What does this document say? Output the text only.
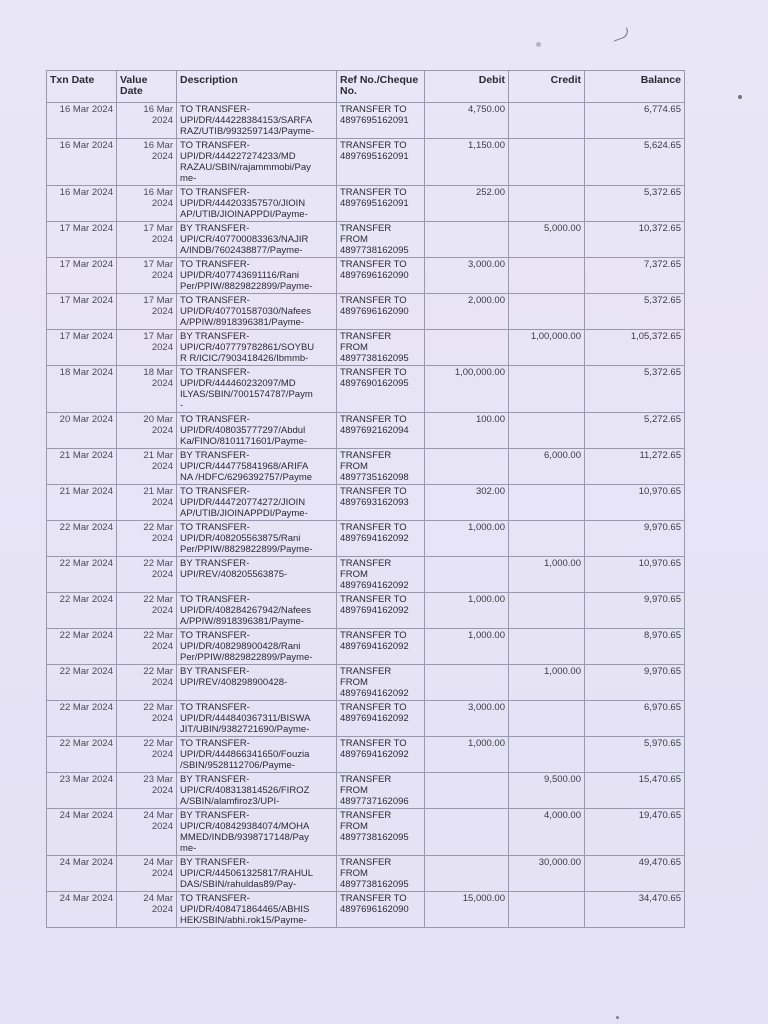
Txn Date	Value Date	Description	Ref No./Cheque No.	Debit	Credit	Balance
16 Mar 2024	16 Mar 2024	TO TRANSFER-
UPI/DR/444228384153/SARFA
RAZ/UTIB/9932597143/Payme-	TRANSFER TO
4897695162091	4,750.00		6,774.65
16 Mar 2024	16 Mar 2024	TO TRANSFER-
UPI/DR/444227274233/MD
RAZAU/SBIN/rajammmobi/Pay
me-	TRANSFER TO
4897695162091	1,150.00		5,624.65
16 Mar 2024	16 Mar 2024	TO TRANSFER-
UPI/DR/444203357570/JIOIN
AP/UTIB/JIOINAPPDI/Payme-	TRANSFER TO
4897695162091	252.00		5,372.65
17 Mar 2024	17 Mar 2024	BY TRANSFER-
UPI/CR/407700083363/NAJIR
A/INDB/7602438877/Payme-	TRANSFER
FROM
4897738162095		5,000.00	10,372.65
17 Mar 2024	17 Mar 2024	TO TRANSFER-
UPI/DR/407743691116/Rani
Per/PPIW/8829822899/Payme-	TRANSFER TO
4897696162090	3,000.00		7,372.65
17 Mar 2024	17 Mar 2024	TO TRANSFER-
UPI/DR/407701587030/Nafees
A/PPIW/8918396381/Payme-	TRANSFER TO
4897696162090	2,000.00		5,372.65
17 Mar 2024	17 Mar 2024	BY TRANSFER-
UPI/CR/407779782861/SOYBU
R R/ICIC/7903418426/Ibmmb-	TRANSFER
FROM
4897738162095		1,00,000.00	1,05,372.65
18 Mar 2024	18 Mar 2024	TO TRANSFER-
UPI/DR/444460232097/MD
ILYAS/SBIN/7001574787/Paym
-	TRANSFER TO
4897690162095	1,00,000.00		5,372.65
20 Mar 2024	20 Mar 2024	TO TRANSFER-
UPI/DR/408035777297/Abdul
Ka/FINO/8101171601/Payme-	TRANSFER TO
4897692162094	100.00		5,272.65
21 Mar 2024	21 Mar 2024	BY TRANSFER-
UPI/CR/444775841968/ARIFA
NA /HDFC/6296392757/Payme	TRANSFER
FROM
4897735162098		6,000.00	11,272.65
21 Mar 2024	21 Mar 2024	TO TRANSFER-
UPI/DR/444720774272/JIOIN
AP/UTIB/JIOINAPPDI/Payme-	TRANSFER TO
4897693162093	302.00		10,970.65
22 Mar 2024	22 Mar 2024	TO TRANSFER-
UPI/DR/408205563875/Rani
Per/PPIW/8829822899/Payme-	TRANSFER TO
4897694162092	1,000.00		9,970.65
22 Mar 2024	22 Mar 2024	BY TRANSFER-
UPI/REV/408205563875-	TRANSFER
FROM
4897694162092		1,000.00	10,970.65
22 Mar 2024	22 Mar 2024	TO TRANSFER-
UPI/DR/408284267942/Nafees
A/PPIW/8918396381/Payme-	TRANSFER TO
4897694162092	1,000.00		9,970.65
22 Mar 2024	22 Mar 2024	TO TRANSFER-
UPI/DR/408298900428/Rani
Per/PPIW/8829822899/Payme-	TRANSFER TO
4897694162092	1,000.00		8,970.65
22 Mar 2024	22 Mar 2024	BY TRANSFER-
UPI/REV/408298900428-	TRANSFER
FROM
4897694162092		1,000.00	9,970.65
22 Mar 2024	22 Mar 2024	TO TRANSFER-
UPI/DR/444840367311/BISWA
JIT/UBIN/9382721690/Payme-	TRANSFER TO
4897694162092	3,000.00		6,970.65
22 Mar 2024	22 Mar 2024	TO TRANSFER-
UPI/DR/444866341650/Fouzia
/SBIN/9528112706/Payme-	TRANSFER TO
4897694162092	1,000.00		5,970.65
23 Mar 2024	23 Mar 2024	BY TRANSFER-
UPI/CR/408313814526/FIROZ
A/SBIN/alamfiroz3/UPI-	TRANSFER
FROM
4897737162096		9,500.00	15,470.65
24 Mar 2024	24 Mar 2024	BY TRANSFER-
UPI/CR/408429384074/MOHA
MMED/INDB/9398717148/Pay
me-	TRANSFER
FROM
4897738162095		4,000.00	19,470.65
24 Mar 2024	24 Mar 2024	BY TRANSFER-
UPI/CR/445061325817/RAHUL
DAS/SBIN/rahuldas89/Pay-	TRANSFER
FROM
4897738162095		30,000.00	49,470.65
24 Mar 2024	24 Mar 2024	TO TRANSFER-
UPI/DR/408471864465/ABHIS
HEK/SBIN/abhi.rok15/Payme-	TRANSFER TO
4897696162090	15,000.00		34,470.65
